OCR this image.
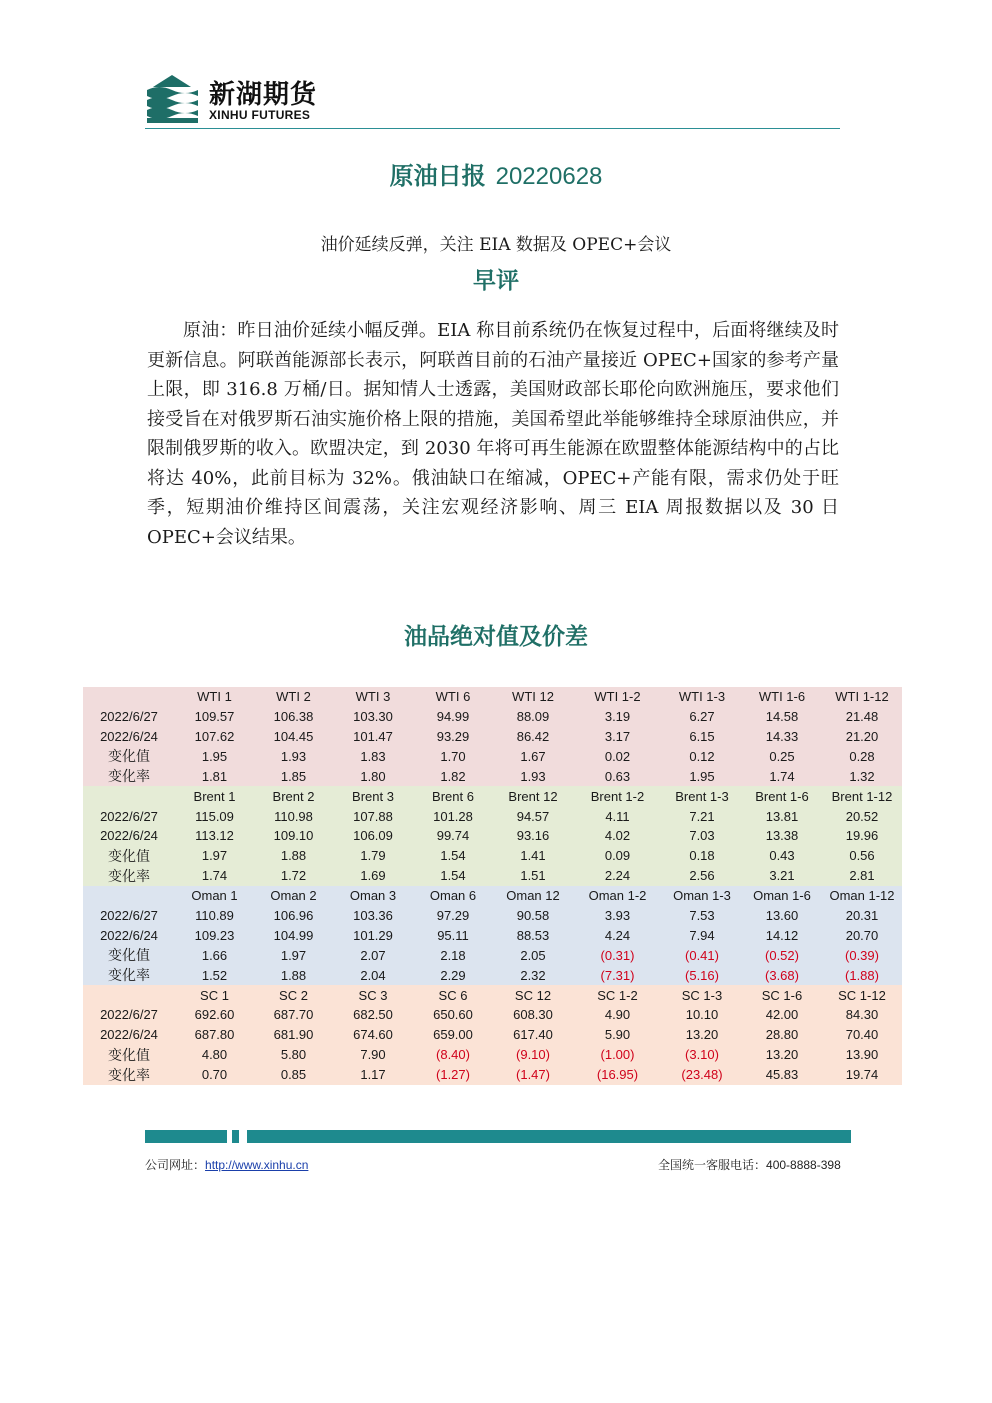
新湖期货
XINHU FUTURES
原油日报 20220628
油价延续反弹，关注 EIA 数据及 OPEC+会议
早评
原油：昨日油价延续小幅反弹。EIA 称目前系统仍在恢复过程中，后面将继续及时更新信息。阿联酋能源部长表示，阿联酋目前的石油产量接近 OPEC+国家的参考产量上限，即 316.8 万桶/日。据知情人士透露，美国财政部长耶伦向欧洲施压，要求他们接受旨在对俄罗斯石油实施价格上限的措施，美国希望此举能够维持全球原油供应，并限制俄罗斯的收入。欧盟决定，到 2030 年将可再生能源在欧盟整体能源结构中的占比将达 40%，此前目标为 32%。俄油缺口在缩减，OPEC+产能有限，需求仍处于旺季，短期油价维持区间震荡，关注宏观经济影响、周三 EIA 周报数据以及 30 日 OPEC+会议结果。
油品绝对值及价差
	WTI 1	WTI 2	WTI 3	WTI 6	WTI 12	WTI 1-2	WTI 1-3	WTI 1-6	WTI 1-12
2022/6/27	109.57	106.38	103.30	94.99	88.09	3.19	6.27	14.58	21.48
2022/6/24	107.62	104.45	101.47	93.29	86.42	3.17	6.15	14.33	21.20
变化值	1.95	1.93	1.83	1.70	1.67	0.02	0.12	0.25	0.28
变化率	1.81	1.85	1.80	1.82	1.93	0.63	1.95	1.74	1.32
	Brent 1	Brent 2	Brent 3	Brent 6	Brent 12	Brent 1-2	Brent 1-3	Brent 1-6	Brent 1-12
2022/6/27	115.09	110.98	107.88	101.28	94.57	4.11	7.21	13.81	20.52
2022/6/24	113.12	109.10	106.09	99.74	93.16	4.02	7.03	13.38	19.96
变化值	1.97	1.88	1.79	1.54	1.41	0.09	0.18	0.43	0.56
变化率	1.74	1.72	1.69	1.54	1.51	2.24	2.56	3.21	2.81
	Oman 1	Oman 2	Oman 3	Oman 6	Oman 12	Oman 1-2	Oman 1-3	Oman 1-6	Oman 1-12
2022/6/27	110.89	106.96	103.36	97.29	90.58	3.93	7.53	13.60	20.31
2022/6/24	109.23	104.99	101.29	95.11	88.53	4.24	7.94	14.12	20.70
变化值	1.66	1.97	2.07	2.18	2.05	(0.31)	(0.41)	(0.52)	(0.39)
变化率	1.52	1.88	2.04	2.29	2.32	(7.31)	(5.16)	(3.68)	(1.88)
	SC 1	SC 2	SC 3	SC 6	SC 12	SC 1-2	SC 1-3	SC 1-6	SC 1-12
2022/6/27	692.60	687.70	682.50	650.60	608.30	4.90	10.10	42.00	84.30
2022/6/24	687.80	681.90	674.60	659.00	617.40	5.90	13.20	28.80	70.40
变化值	4.80	5.80	7.90	(8.40)	(9.10)	(1.00)	(3.10)	13.20	13.90
变化率	0.70	0.85	1.17	(1.27)	(1.47)	(16.95)	(23.48)	45.83	19.74
公司网址：http://www.xinhu.cn	全国统一客服电话：400-8888-398
